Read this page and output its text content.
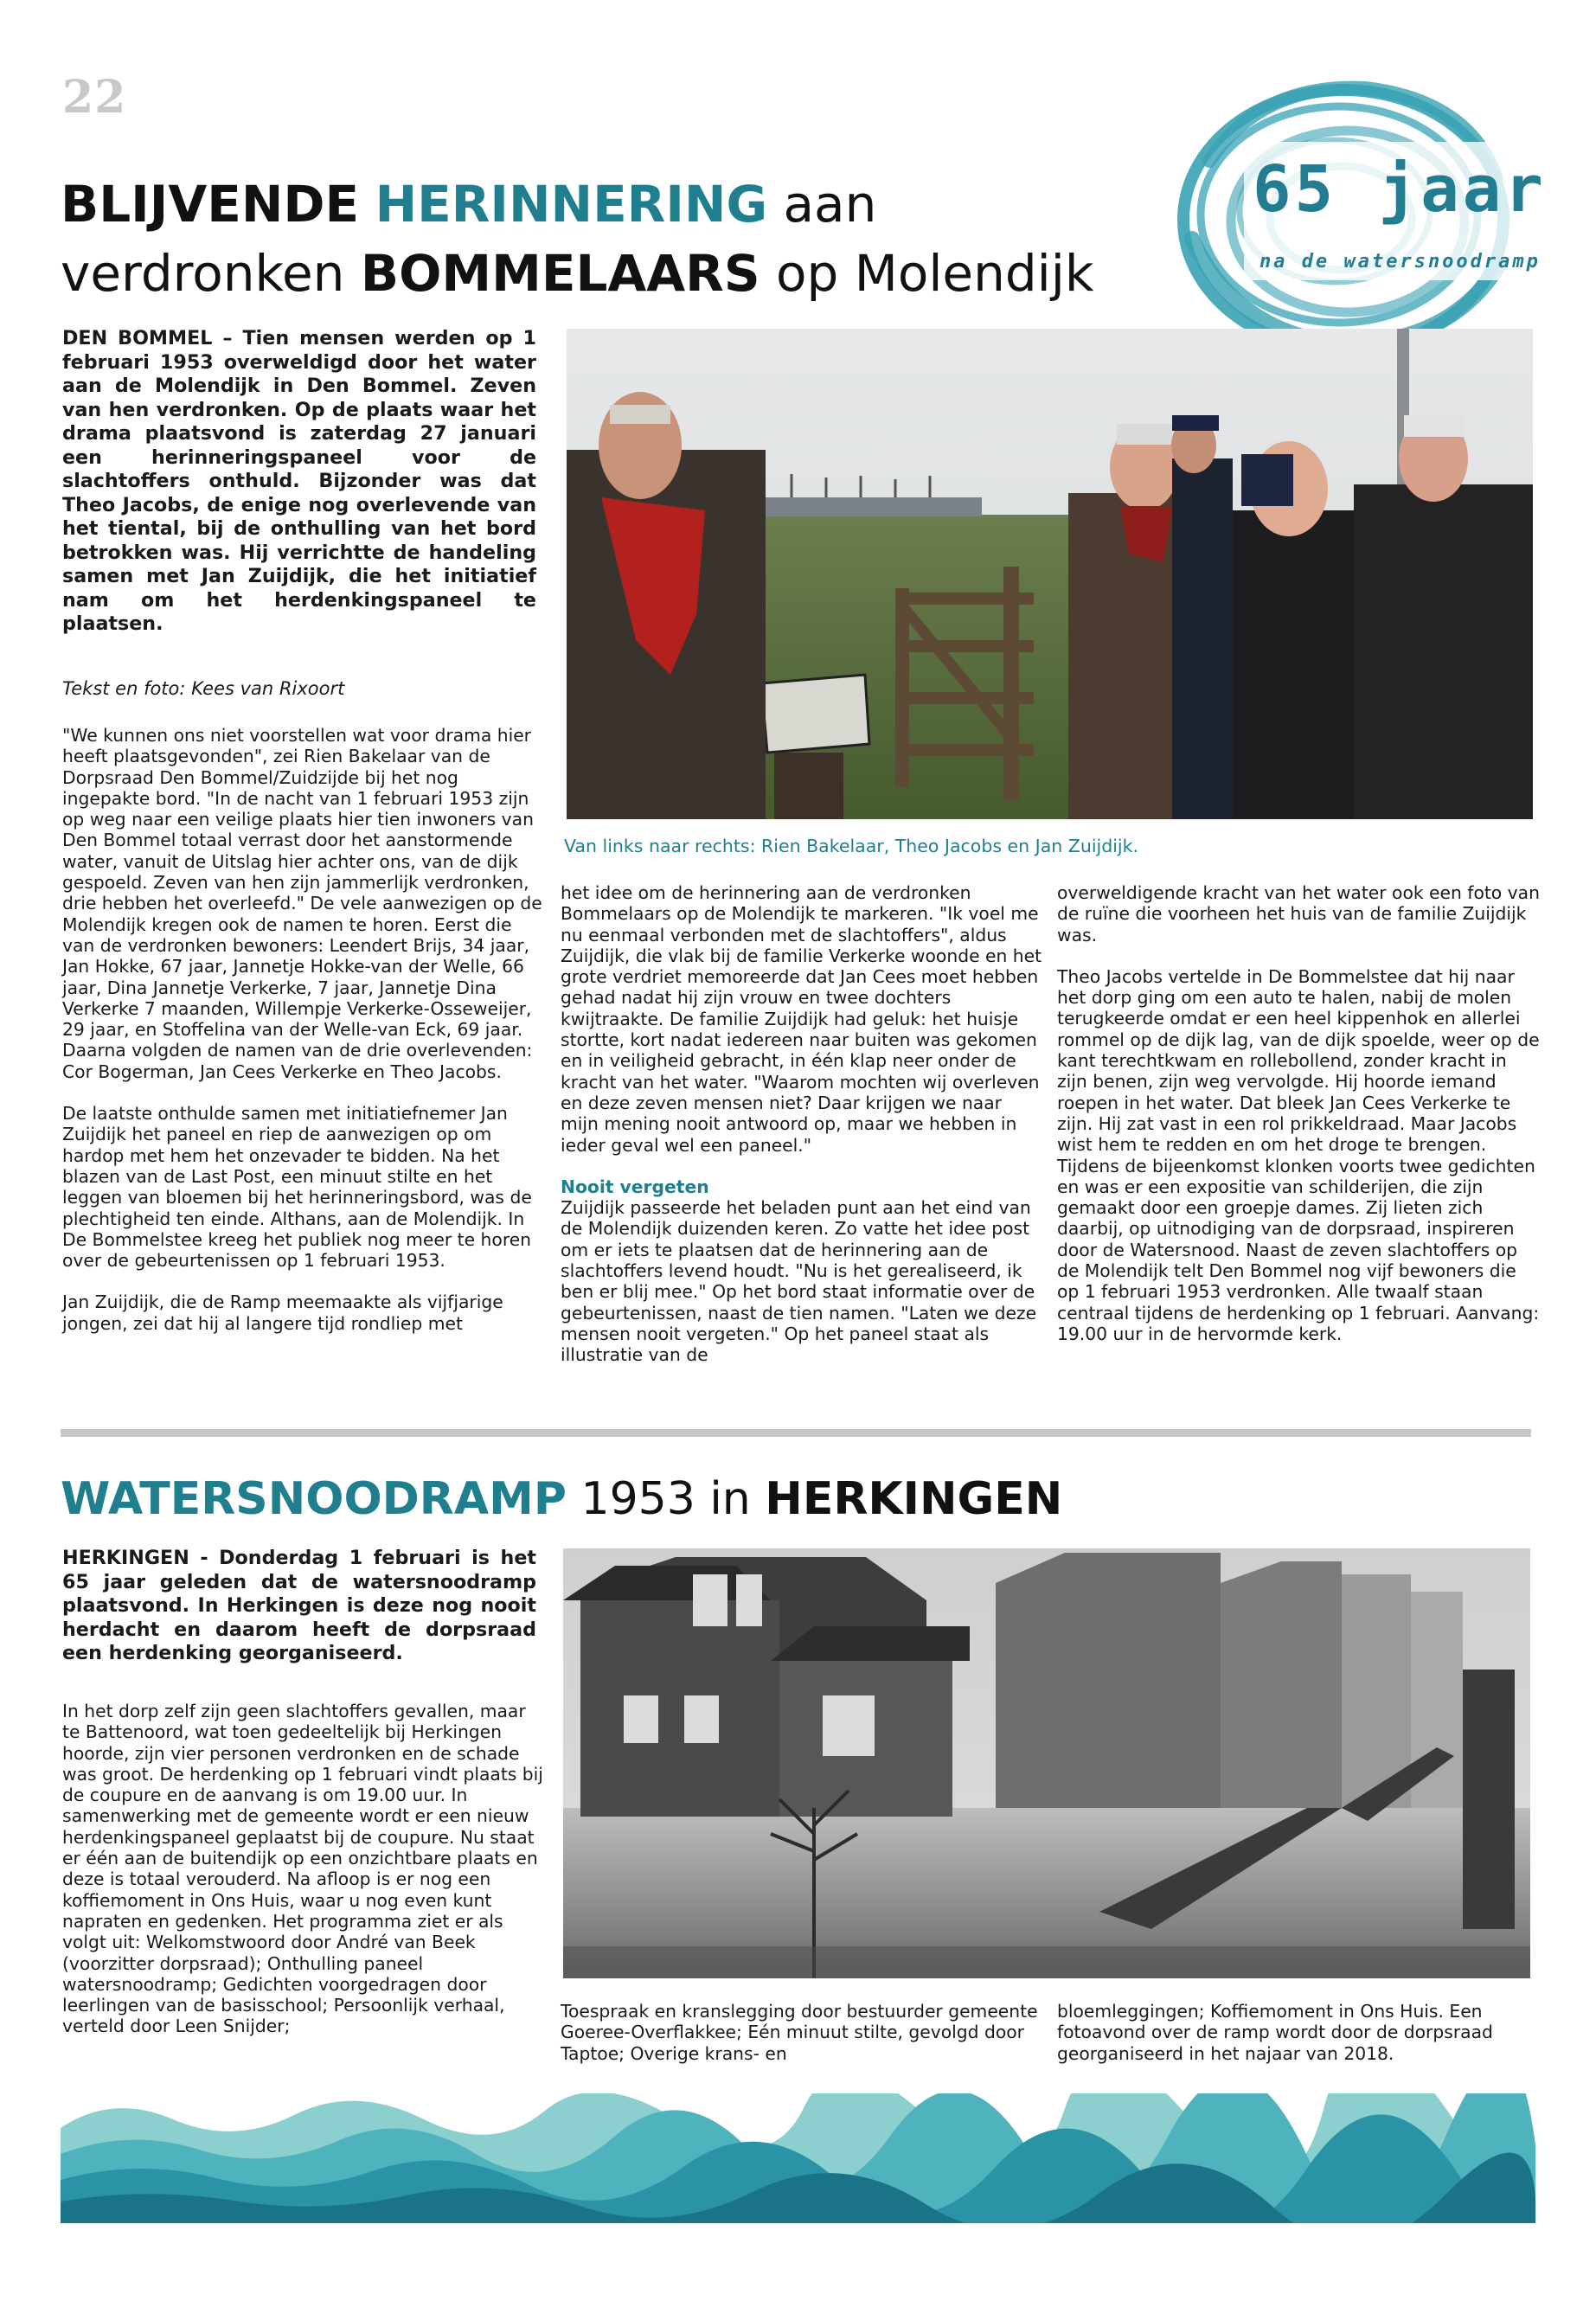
22
BLIJVENDE HERINNERING aan
verdronken BOMMELAARS op Molendijk
65 jaar
na de watersnoodramp
DEN BOMMEL – Tien mensen werden op 1 februari 1953 overweldigd door het water aan de Molendijk in Den Bommel. Zeven van hen verdronken. Op de plaats waar het drama plaatsvond is zaterdag 27 januari een herinneringspaneel voor de slachtoffers onthuld. Bijzonder was dat Theo Jacobs, de enige nog overlevende van het tiental, bij de onthulling van het bord betrokken was. Hij verrichtte de handeling samen met Jan Zuijdijk, die het initiatief nam om het herdenkingspaneel te plaatsen.
Tekst en foto: Kees van Rixoort
Van links naar rechts: Rien Bakelaar, Theo Jacobs en Jan Zuijdijk.

"We kunnen ons niet voorstellen wat voor drama hier heeft plaatsgevonden", zei Rien Bakelaar van de Dorpsraad Den Bommel/Zuidzijde bij het nog ingepakte bord. "In de nacht van 1 februari 1953 zijn op weg naar een veilige plaats hier tien inwoners van Den Bommel totaal verrast door het aanstormende water, vanuit de Uitslag hier achter ons, van de dijk gespoeld. Zeven van hen zijn jammerlijk verdronken, drie hebben het overleefd." De vele aanwezigen op de Molendijk kregen ook de namen te horen. Eerst die van de verdronken bewoners: Leendert Brijs, 34 jaar, Jan Hokke, 67 jaar, Jannetje Hokke-van der Welle, 66 jaar, Dina Jannetje Verkerke, 7 jaar, Jannetje Dina Verkerke 7 maanden, Willempje Verkerke-Osseweijer, 29 jaar, en Stoffelina van der Welle-van Eck, 69 jaar. Daarna volgden de namen van de drie overlevenden: Cor Bogerman, Jan Cees Verkerke en Theo Jacobs.

De laatste onthulde samen met initiatiefnemer Jan Zuijdijk het paneel en riep de aanwezigen op om hardop met hem het onzevader te bidden. Na het blazen van de Last Post, een minuut stilte en het leggen van bloemen bij het herinneringsbord, was de plechtigheid ten einde. Althans, aan de Molendijk. In De Bommelstee kreeg het publiek nog meer te horen over de gebeurtenissen op 1 februari 1953.

Jan Zuijdijk, die de Ramp meemaakte als vijfjarige jongen, zei dat hij al langere tijd rondliep met

het idee om de herinnering aan de verdronken Bommelaars op de Molendijk te markeren. "Ik voel me nu eenmaal verbonden met de slachtoffers", aldus Zuijdijk, die vlak bij de familie Verkerke woonde en het grote verdriet memoreerde dat Jan Cees moet hebben gehad nadat hij zijn vrouw en twee dochters kwijtraakte. De familie Zuijdijk had geluk: het huisje stortte, kort nadat iedereen naar buiten was gekomen en in veiligheid gebracht, in één klap neer onder de kracht van het water. "Waarom mochten wij overleven en deze zeven mensen niet? Daar krijgen we naar mijn mening nooit antwoord op, maar we hebben in ieder geval wel een paneel."

Nooit vergeten

Zuijdijk passeerde het beladen punt aan het eind van de Molendijk duizenden keren. Zo vatte het idee post om er iets te plaatsen dat de herinnering aan de slachtoffers levend houdt. "Nu is het gerealiseerd, ik ben er blij mee." Op het bord staat informatie over de gebeurtenissen, naast de tien namen. "Laten we deze mensen nooit vergeten." Op het paneel staat als illustratie van de

overweldigende kracht van het water ook een foto van de ruïne die voorheen het huis van de familie Zuijdijk was.

Theo Jacobs vertelde in De Bommelstee dat hij naar het dorp ging om een auto te halen, nabij de molen terugkeerde omdat er een heel kippenhok en allerlei rommel op de dijk lag, van de dijk spoelde, weer op de kant terechtkwam en rollebollend, zonder kracht in zijn benen, zijn weg vervolgde. Hij hoorde iemand roepen in het water. Dat bleek Jan Cees Verkerke te zijn. Hij zat vast in een rol prikkeldraad. Maar Jacobs wist hem te redden en om het droge te brengen. Tijdens de bijeenkomst klonken voorts twee gedichten en was er een expositie van schilderijen, die zijn gemaakt door een groepje dames. Zij lieten zich daarbij, op uitnodiging van de dorpsraad, inspireren door de Watersnood. Naast de zeven slachtoffers op de Molendijk telt Den Bommel nog vijf bewoners die op 1 februari 1953 verdronken. Alle twaalf staan centraal tijdens de herdenking op 1 februari. Aanvang: 19.00 uur in de hervormde kerk.

WATERSNOODRAMP 1953 in HERKINGEN
HERKINGEN - Donderdag 1 februari is het 65 jaar geleden dat de watersnoodramp plaatsvond. In Herkingen is deze nog nooit herdacht en daarom heeft de dorpsraad een herdenking georganiseerd.

In het dorp zelf zijn geen slachtoffers gevallen, maar te Battenoord, wat toen gedeeltelijk bij Herkingen hoorde, zijn vier personen verdronken en de schade was groot. De herdenking op 1 februari vindt plaats bij de coupure en de aanvang is om 19.00 uur. In samenwerking met de gemeente wordt er een nieuw herdenkingspaneel geplaatst bij de coupure. Nu staat er één aan de buitendijk op een onzichtbare plaats en deze is totaal verouderd. Na afloop is er nog een koffiemoment in Ons Huis, waar u nog even kunt napraten en gedenken. Het programma ziet er als volgt uit: Welkomstwoord door André van Beek (voorzitter dorpsraad); Onthulling paneel watersnoodramp; Gedichten voorgedragen door leerlingen van de basisschool; Persoonlijk verhaal, verteld door Leen Snijder;

Toespraak en kranslegging door bestuurder gemeente Goeree-Overflakkee; Eén minuut stilte, gevolgd door Taptoe; Overige krans- en

bloemleggingen; Koffiemoment in Ons Huis. Een fotoavond over de ramp wordt door de dorpsraad georganiseerd in het najaar van 2018.
